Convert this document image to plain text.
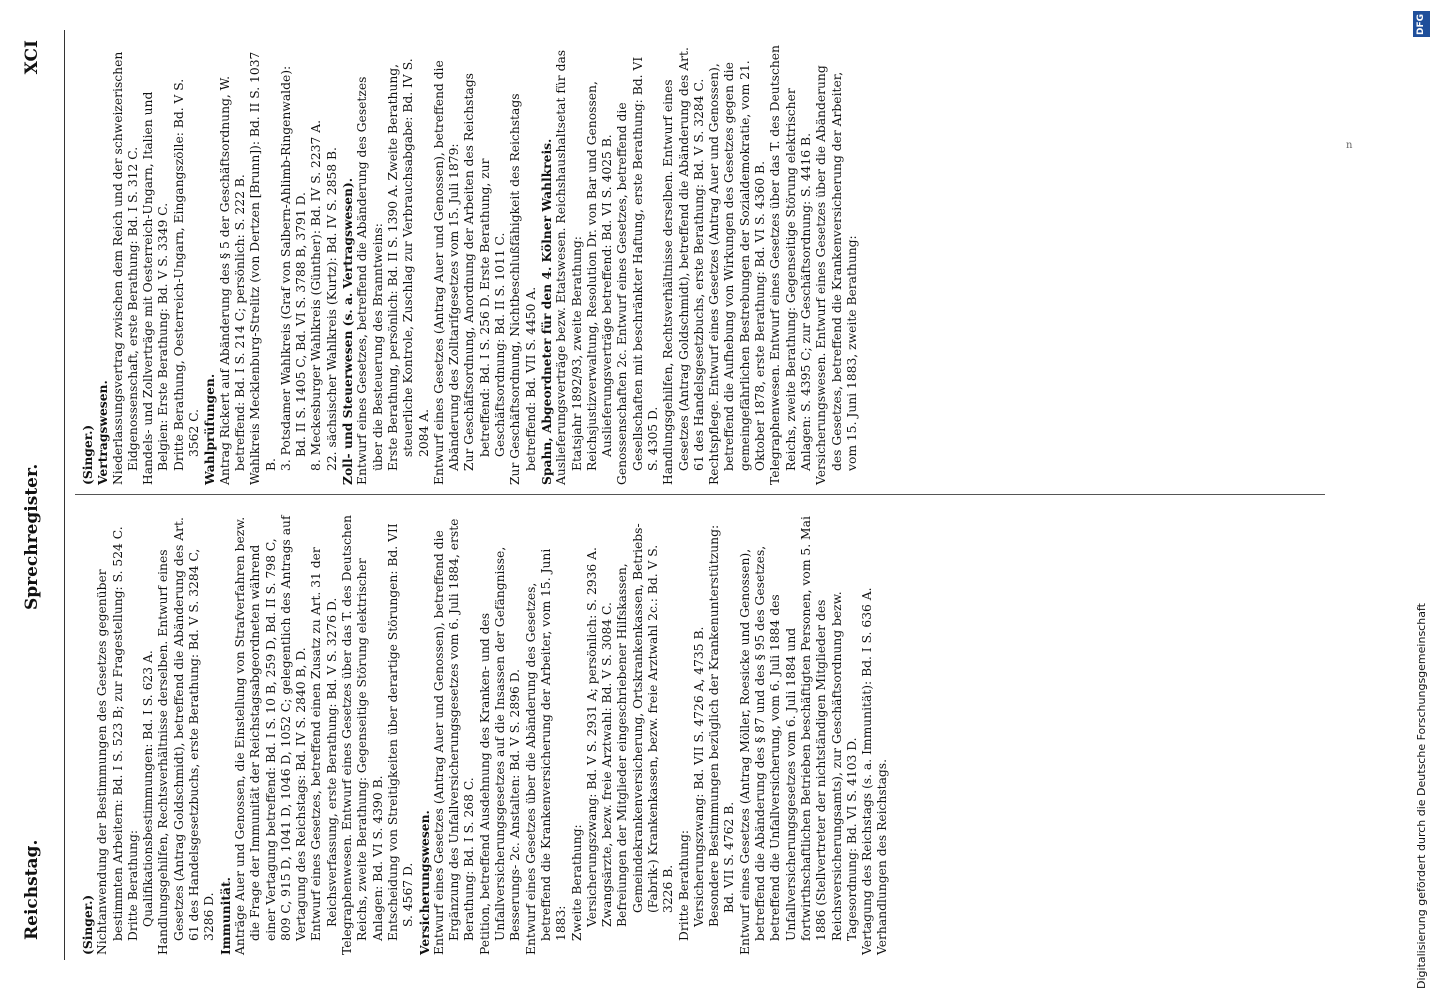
Reichstag.
Sprechregister.
XCI

(Singer.) Nichtanwendung der Bestimmungen des Gesetzes gegenüber bestimmten Arbeitern: Bd. I S. 523 B; zur Fragestellung: S. 524 C. Dritte Berathung: Qualifikationsbestimmungen: Bd. I S. 623 A. Handlungsgehilfen, Rechtsverhältnisse derselben. Entwurf eines Gesetzes (Antrag Goldschmidt), betreffend die Abänderung des Art. 61 des Handelsgesetzbuchs, erste Berathung: Bd. V S. 3284 C, 3286 D. Immunität. Anträge Auer und Genossen, die Einstellung von Strafverfahren bezw. die Frage der Immunität der Reichstagsabgeordneten während einer Vertagung betreffend: Bd. I S. 10 B, 259 D, Bd. II S. 798 C, 809 C, 915 D, 1041 D, 1046 D, 1052 C; gelegentlich des Antrags auf Vertagung des Reichstags: Bd. IV S. 2840 B, D. Entwurf eines Gesetzes, betreffend einen Zusatz zu Art. 31 der Reichsverfassung, erste Berathung: Bd. V S. 3276 D. Telegraphenwesen. Entwurf eines Gesetzes über das T. des Deutschen Reichs, zweite Berathung: Gegenseitige Störung elektrischer Anlagen: Bd. VI S. 4390 B. Entscheidung von Streitigkeiten über derartige Störungen: Bd. VII S. 4567 D. Versicherungswesen. Entwurf eines Gesetzes (Antrag Auer und Genossen), betreffend die Ergänzung des Unfallversicherungsgesetzes vom 6. Juli 1884, erste Berathung: Bd. I S. 268 C. Petition, betreffend Ausdehnung des Kranken- und des Unfallversicherungsgesetzes auf die Insassen der Gefängnisse, Besserungs- 2c. Anstalten: Bd. V S. 2896 D. Entwurf eines Gesetzes über die Abänderung des Gesetzes, betreffend die Krankenversicherung der Arbeiter, vom 15. Juni 1883: Zweite Berathung: Versicherungszwang: Bd. V S. 2931 A; persönlich: S. 2936 A. Zwangsärzte, bezw. freie Arztwahl: Bd. V S. 3084 C. Befreiungen der Mitglieder eingeschriebener Hilfskassen, Gemeindekrankenversicherung, Ortskrankenkassen, Betriebs- (Fabrik-) Krankenkassen, bezw. freie Arztwahl 2c.: Bd. V S. 3226 B. Dritte Berathung: Versicherungszwang: Bd. VII S. 4726 A, 4735 B. Besondere Bestimmungen bezüglich der Krankenunterstützung: Bd. VII S. 4762 B. Entwurf eines Gesetzes (Antrag Möller, Roesicke und Genossen), betreffend die Abänderung des § 87 und des § 95 des Gesetzes, betreffend die Unfallversicherung, vom 6. Juli 1884 des Unfallversicherungsgesetzes vom 6. Juli 1884 und fortwirthschaftlichen Betrieben beschäftigten Personen, vom 5. Mai 1886 (Stellvertreter der nichtständigen Mitglieder des Reichsversicherungsamts), zur Geschäftsordnung bezw. Tagesordnung: Bd. VI S. 4103 D. Vertagung des Reichstags (s. a. Immunität): Bd. I S. 636 A. Verhandlungen des Reichstags.

(Singer.) Vertragswesen. Niederlassungsvertrag zwischen dem Reich und der schweizerischen Eidgenossenschaft, erste Berathung: Bd. I S. 312 C. Handels- und Zollverträge mit Oesterreich-Ungarn, Italien und Belgien: Erste Berathung: Bd. V S. 3349 C. Dritte Berathung, Oesterreich-Ungarn, Eingangszölle: Bd. V S. 3562 C. Wahlprüfungen. Antrag Rickert auf Abänderung des § 5 der Geschäftsordnung, W. betreffend: Bd. I S. 214 C; persönlich: S. 222 B. Wahlkreis Mecklenburg-Strelitz (von Dertzen [Brunn]): Bd. II S. 1037 B. 3. Potsdamer Wahlkreis (Graf von Salbern-Ahlimb-Ringenwalde): Bd. II S. 1405 C, Bd. VI S. 3788 B, 3791 D. 8. Meckesburger Wahlkreis (Günther): Bd. IV S. 2237 A. 22. sächsischer Wahlkreis (Kurtz): Bd. IV S. 2858 B. Zoll- und Steuerwesen (s. a. Vertragswesen). Entwurf eines Gesetzes, betreffend die Abänderung des Gesetzes über die Besteuerung des Branntweins: Erste Berathung, persönlich: Bd. II S. 1390 A. Zweite Berathung, steuerliche Kontrole, Zuschlag zur Verbrauchsabgabe: Bd. IV S. 2084 A. Entwurf eines Gesetzes (Antrag Auer und Genossen), betreffend die Abänderung des Zolltarifgesetzes vom 15. Juli 1879: Zur Geschäftsordnung, Anordnung der Arbeiten des Reichstags betreffend: Bd. I S. 256 D. Erste Berathung, zur Geschäftsordnung: Bd. II S. 1011 C. Zur Geschäftsordnung, Nichtbeschlußfähigkeit des Reichstags betreffend: Bd. VII S. 4450 A. Spahn, Abgeordneter für den 4. Kölner Wahlkreis. Auslieferungsverträge bezw. Etatswesen. Reichshaushaltsetat für das Etatsjahr 1892/93, zweite Berathung: Reichsjustizverwaltung, Resolution Dr. von Bar und Genossen, Auslieferungsverträge betreffend: Bd. VI S. 4025 B. Genossenschaften 2c. Entwurf eines Gesetzes, betreffend die Gesellschaften mit beschränkter Haftung, erste Berathung: Bd. VI S. 4305 D. Handlungsgehilfen, Rechtsverhältnisse derselben. Entwurf eines Gesetzes (Antrag Goldschmidt), betreffend die Abänderung des Art. 61 des Handelsgesetzbuchs, erste Berathung: Bd. V S. 3284 C. Rechtspflege. Entwurf eines Gesetzes (Antrag Auer und Genossen), betreffend die Aufhebung von Wirkungen des Gesetzes gegen die gemeingefährlichen Bestrebungen der Sozialdemokratie, vom 21. Oktober 1878, erste Berathung: Bd. VI S. 4360 B. Telegraphenwesen. Entwurf eines Gesetzes über das T. des Deutschen Reichs, zweite Berathung: Gegenseitige Störung elektrischer Anlagen: S. 4395 C; zur Geschäftsordnung: S. 4416 B. Versicherungswesen. Entwurf eines Gesetzes über die Abänderung des Gesetzes, betreffend die Krankenversicherung der Arbeiter, vom 15. Juni 1883, zweite Berathung:

n
Digitalisierung gefördert durch die Deutsche Forschungsgemeinschaft
DFG
